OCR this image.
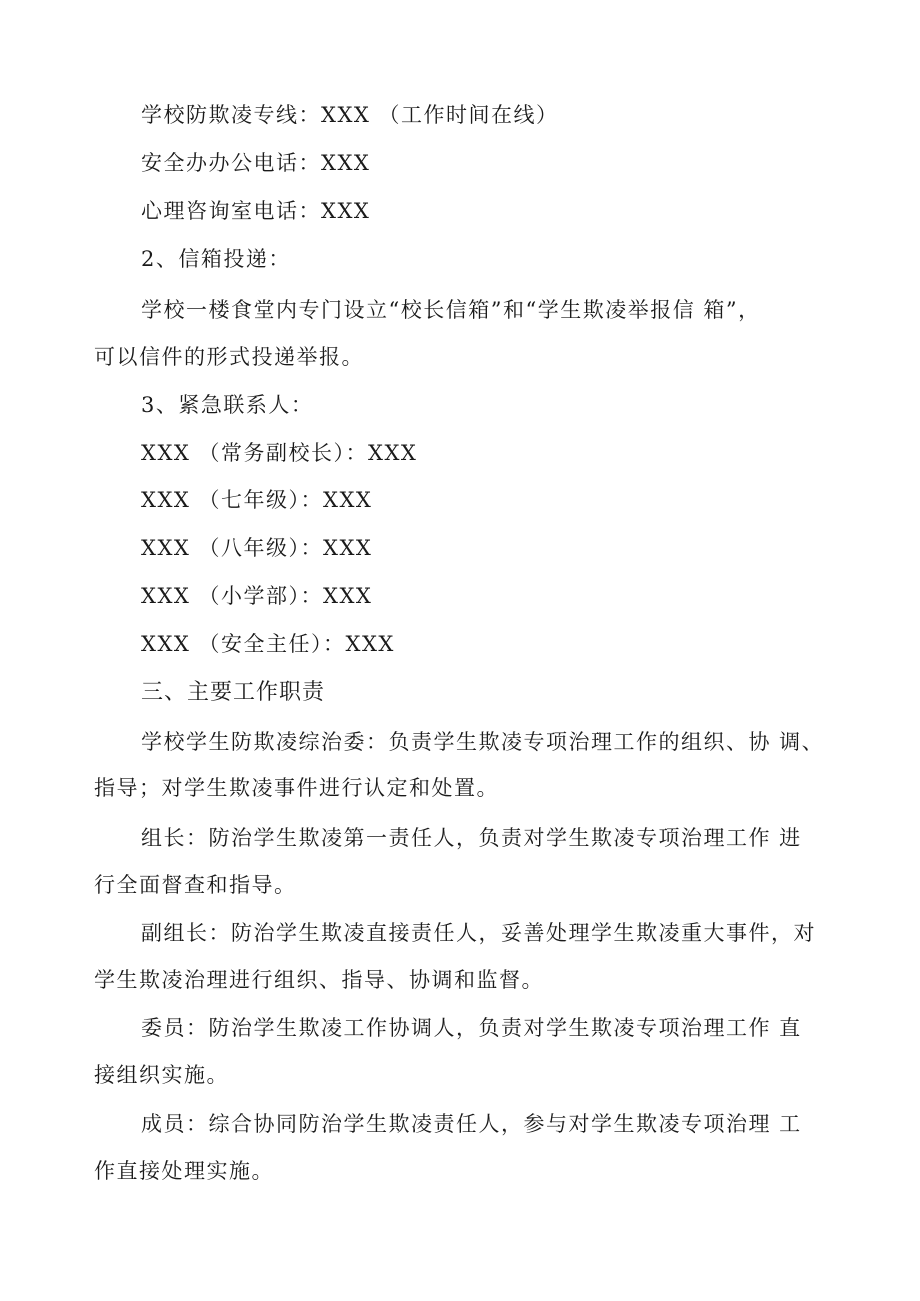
学校防欺凌专线：XXX （工作时间在线）
安全办办公电话：XXX
心理咨询室电话：XXX
2、信箱投递：
学校一楼食堂内专门设立“校长信箱”和“学生欺凌举报信 箱”，
可以信件的形式投递举报。
3、紧急联系人：
XXX （常务副校长）：XXX
XXX （七年级）：XXX
XXX （八年级）：XXX
XXX （小学部）：XXX
XXX （安全主任）：XXX
三、主要工作职责
学校学生防欺凌综治委：负责学生欺凌专项治理工作的组织、协 调、
指导；对学生欺凌事件进行认定和处置。
组长：防治学生欺凌第一责任人，负责对学生欺凌专项治理工作 进
行全面督查和指导。
副组长：防治学生欺凌直接责任人，妥善处理学生欺凌重大事件，对
学生欺凌治理进行组织、指导、协调和监督。
委员：防治学生欺凌工作协调人，负责对学生欺凌专项治理工作 直
接组织实施。
成员：综合协同防治学生欺凌责任人，参与对学生欺凌专项治理 工
作直接处理实施。
